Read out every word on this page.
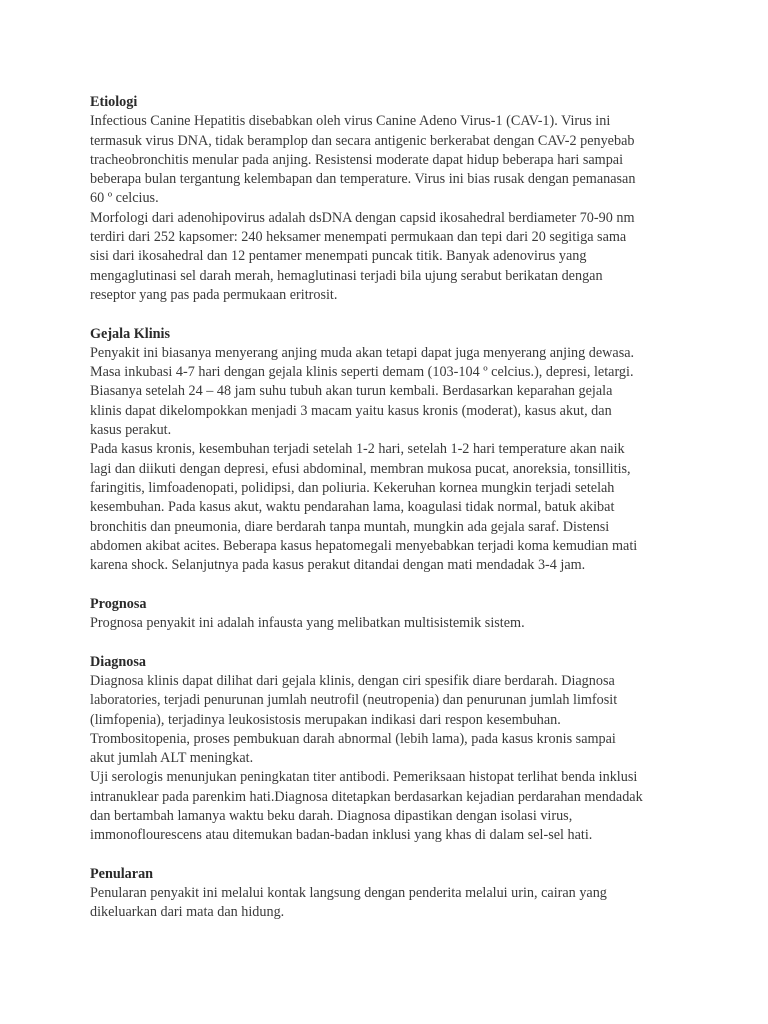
Etiologi

Infectious Canine Hepatitis disebabkan oleh virus Canine Adeno Virus-1 (CAV-1). Virus ini
termasuk virus DNA, tidak beramplop dan secara antigenic berkerabat dengan CAV-2 penyebab
tracheobronchitis menular pada anjing. Resistensi moderate dapat hidup beberapa hari sampai
beberapa bulan tergantung kelembapan dan temperature. Virus ini bias rusak dengan pemanasan
60 º celcius.

Morfologi dari adenohipovirus adalah dsDNA dengan capsid ikosahedral berdiameter 70-90 nm
terdiri dari 252 kapsomer: 240 heksamer menempati permukaan dan tepi dari 20 segitiga sama
sisi dari ikosahedral dan 12 pentamer menempati puncak titik. Banyak adenovirus yang
mengaglutinasi sel darah merah, hemaglutinasi terjadi bila ujung serabut berikatan dengan
reseptor yang pas pada permukaan eritrosit.

Gejala Klinis

Penyakit ini biasanya menyerang anjing muda akan tetapi dapat juga menyerang anjing dewasa.
Masa inkubasi 4-7 hari dengan gejala klinis seperti demam (103-104 º celcius.), depresi, letargi.
Biasanya setelah 24 – 48 jam suhu tubuh akan turun kembali. Berdasarkan keparahan gejala
klinis dapat dikelompokkan menjadi 3 macam yaitu kasus kronis (moderat), kasus akut, dan
kasus perakut.

Pada kasus kronis, kesembuhan terjadi setelah 1-2 hari, setelah 1-2 hari temperature akan naik
lagi dan diikuti dengan depresi, efusi abdominal, membran mukosa pucat, anoreksia, tonsillitis,
faringitis, limfoadenopati, polidipsi, dan poliuria. Kekeruhan kornea mungkin terjadi setelah
kesembuhan. Pada kasus akut, waktu pendarahan lama, koagulasi tidak normal, batuk akibat
bronchitis dan pneumonia, diare berdarah tanpa muntah, mungkin ada gejala saraf. Distensi
abdomen akibat acites. Beberapa kasus hepatomegali menyebabkan terjadi koma kemudian mati
karena shock. Selanjutnya pada kasus perakut ditandai dengan mati mendadak 3-4 jam.

Prognosa

Prognosa penyakit ini adalah infausta yang melibatkan multisistemik sistem.

Diagnosa

Diagnosa klinis dapat dilihat dari gejala klinis, dengan ciri spesifik diare berdarah. Diagnosa
laboratories, terjadi penurunan jumlah neutrofil (neutropenia) dan penurunan jumlah limfosit
(limfopenia), terjadinya leukosistosis merupakan indikasi dari respon kesembuhan.
Trombositopenia, proses pembukuan darah abnormal (lebih lama), pada kasus kronis sampai
akut jumlah ALT meningkat.

Uji serologis menunjukan peningkatan titer antibodi. Pemeriksaan histopat terlihat benda inklusi
intranuklear pada parenkim hati.Diagnosa ditetapkan berdasarkan kejadian perdarahan mendadak
dan bertambah lamanya waktu beku darah. Diagnosa dipastikan dengan isolasi virus,
immonoflourescens atau ditemukan badan-badan inklusi yang khas di dalam sel-sel hati.

Penularan

Penularan penyakit ini melalui kontak langsung dengan penderita melalui urin, cairan yang
dikeluarkan dari mata dan hidung.
